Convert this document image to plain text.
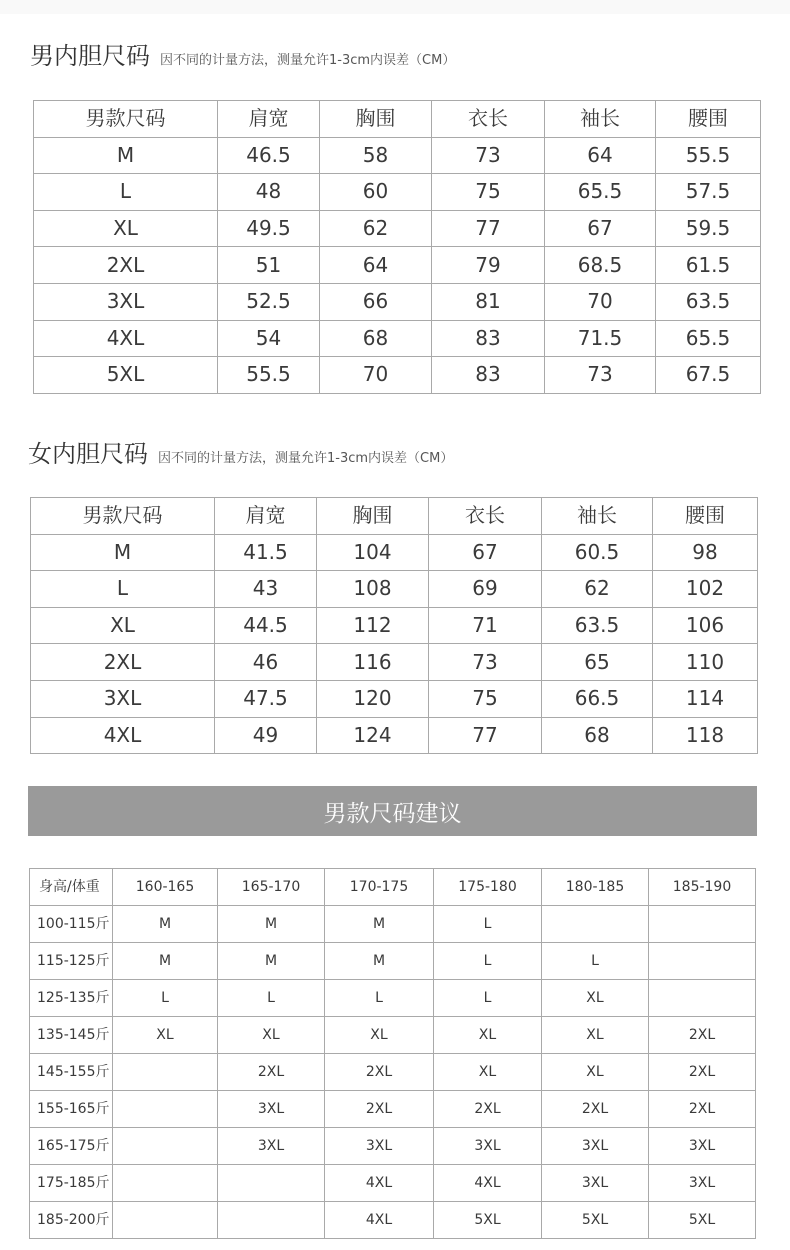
男内胆尺码 因不同的计量方法，测量允许1-3cm内误差（CM）
男款尺码	肩宽	胸围	衣长	袖长	腰围
M	46.5	58	73	64	55.5
L	48	60	75	65.5	57.5
XL	49.5	62	77	67	59.5
2XL	51	64	79	68.5	61.5
3XL	52.5	66	81	70	63.5
4XL	54	68	83	71.5	65.5
5XL	55.5	70	83	73	67.5
女内胆尺码 因不同的计量方法，测量允许1-3cm内误差（CM）
男款尺码	肩宽	胸围	衣长	袖长	腰围
M	41.5	104	67	60.5	98
L	43	108	69	62	102
XL	44.5	112	71	63.5	106
2XL	46	116	73	65	110
3XL	47.5	120	75	66.5	114
4XL	49	124	77	68	118
男款尺码建议
身高/体重	160-165	165-170	170-175	175-180	180-185	185-190
100-115斤	M	M	M	L		
115-125斤	M	M	M	L	L	
125-135斤	L	L	L	L	XL	
135-145斤	XL	XL	XL	XL	XL	2XL
145-155斤		2XL	2XL	XL	XL	2XL
155-165斤		3XL	2XL	2XL	2XL	2XL
165-175斤		3XL	3XL	3XL	3XL	3XL
175-185斤			4XL	4XL	3XL	3XL
185-200斤			4XL	5XL	5XL	5XL
